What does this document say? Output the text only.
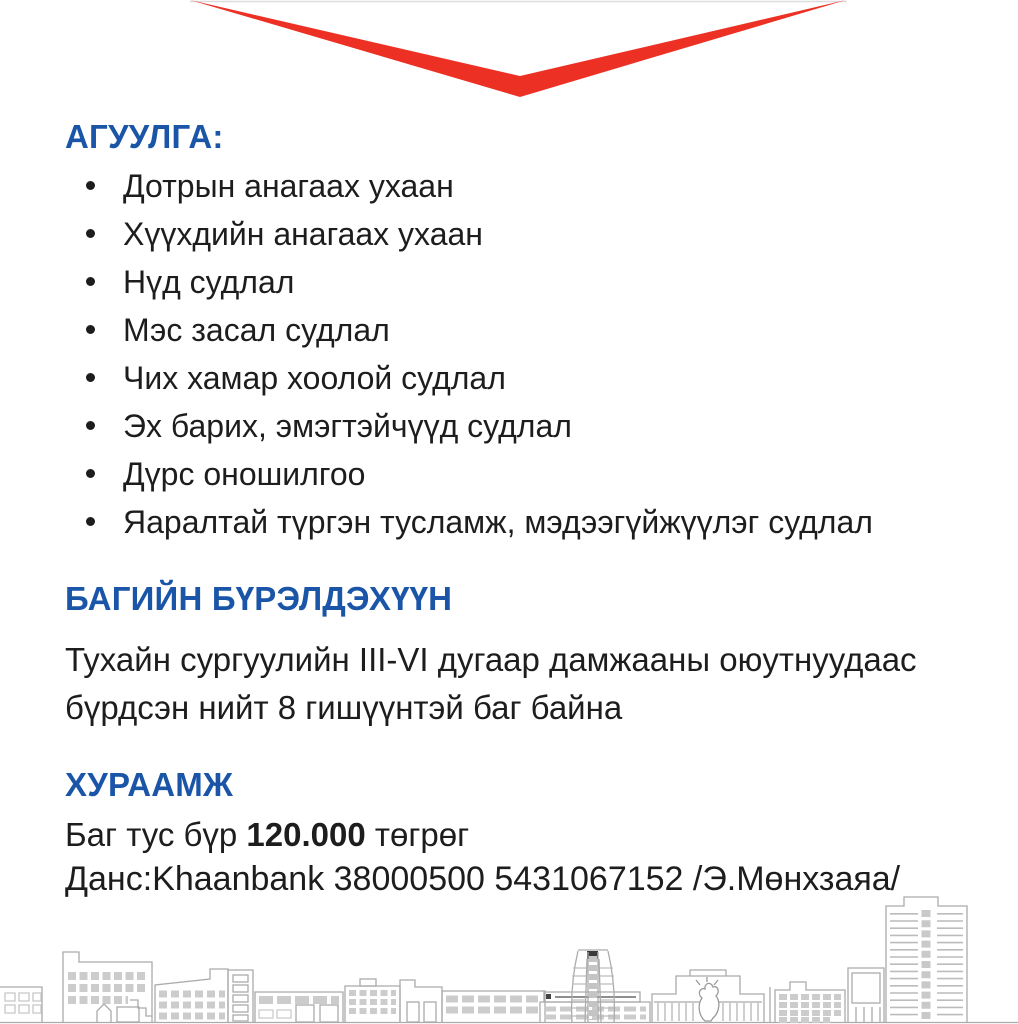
АГУУЛГА:
Дотрын анагаах ухаан
Хүүхдийн анагаах ухаан
Нүд судлал
Мэс засал судлал
Чих хамар хоолой судлал
Эх барих, эмэгтэйчүүд судлал
Дүрс оношилгоо
Яаралтай түргэн тусламж, мэдээгүйжүүлэг судлал
БАГИЙН БҮРЭЛДЭХҮҮН

Тухайн сургуулийн III-VI дугаар дамжааны оюутнуудаас бүрдсэн нийт 8 гишүүнтэй баг байна

ХУРААМЖ

Баг тус бүр 120.000 төгрөг

Данс:Khaanbank 38000500 5431067152 /Э.Мөнхзаяа/
